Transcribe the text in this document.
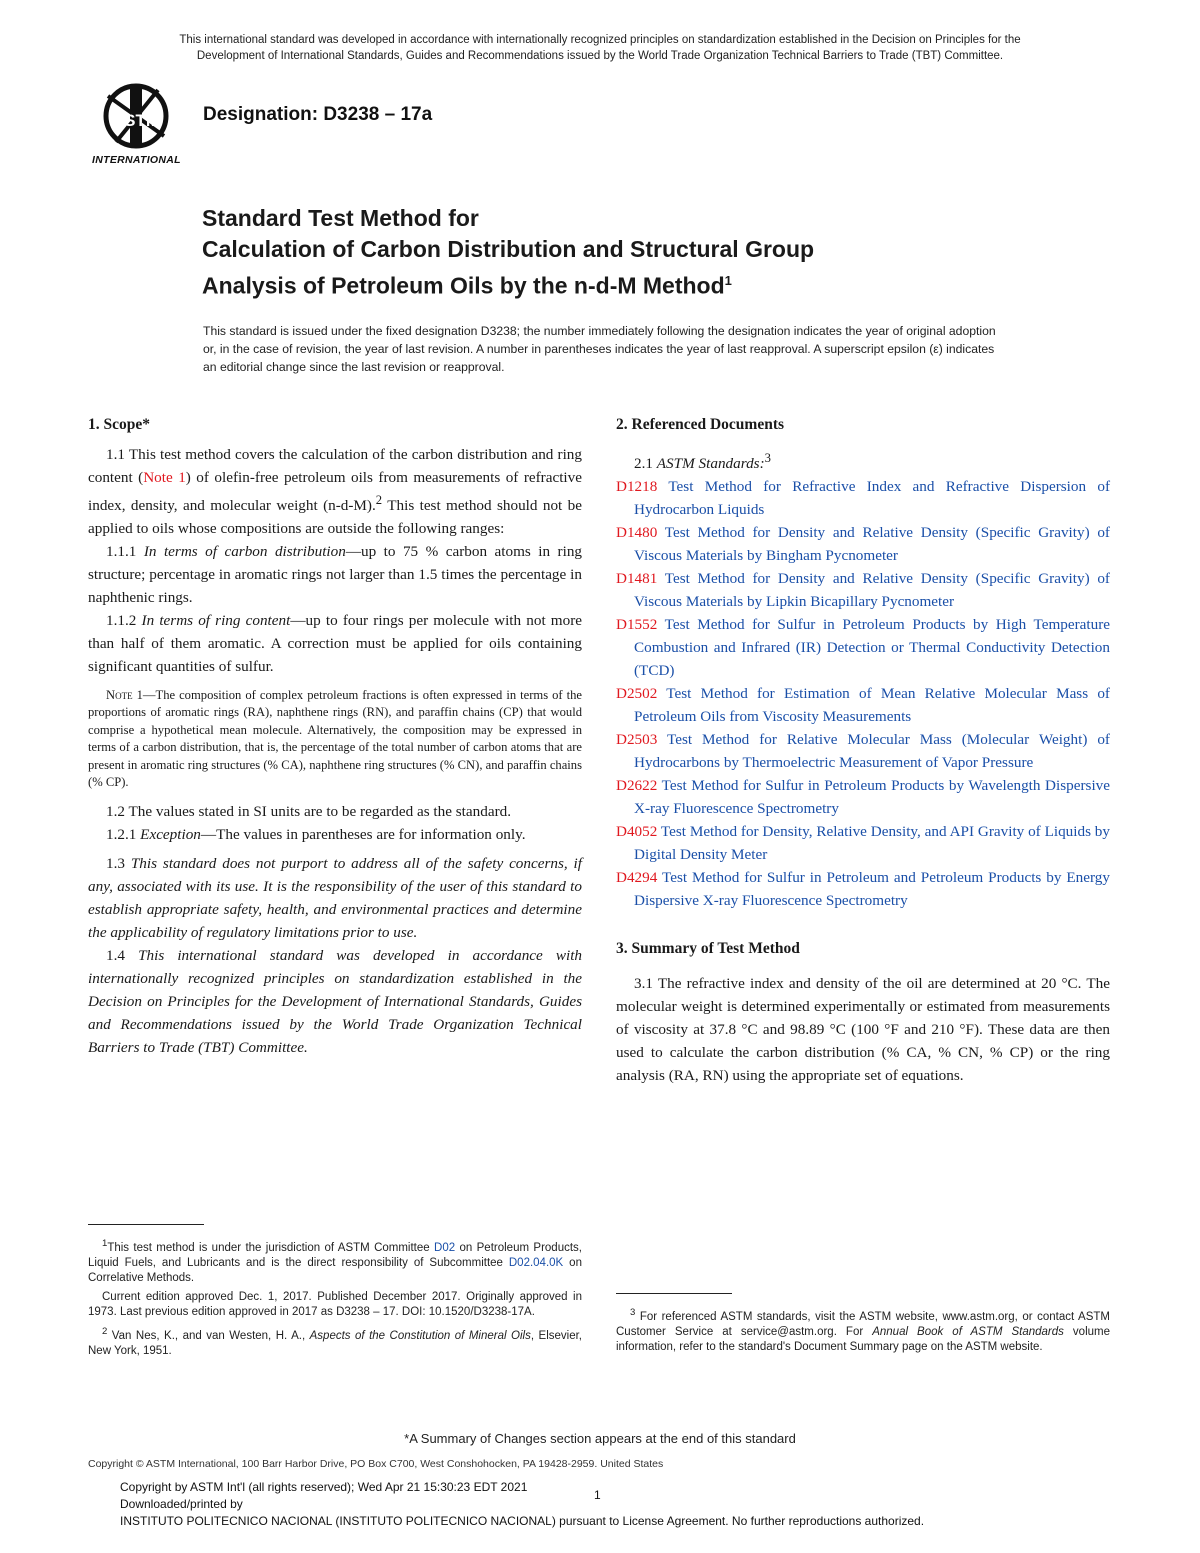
This international standard was developed in accordance with internationally recognized principles on standardization established in the Decision on Principles for the
Development of International Standards, Guides and Recommendations issued by the World Trade Organization Technical Barriers to Trade (TBT) Committee.
ASTM
INTERNATIONAL
Designation: D3238 – 17a
Standard Test Method for
Calculation of Carbon Distribution and Structural Group
Analysis of Petroleum Oils by the n-d-M Method$^1$
This standard is issued under the fixed designation D3238; the number immediately following the designation indicates the year of original adoption or, in the case of revision, the year of last revision. A number in parentheses indicates the year of last reapproval. A superscript epsilon (ε) indicates an editorial change since the last revision or reapproval.

1. Scope*

1.1 This test method covers the calculation of the carbon distribution and ring content (Note 1) of olefin-free petroleum oils from measurements of refractive index, density, and molecular weight (n-d-M).$^2$ This test method should not be applied to oils whose compositions are outside the following ranges:

1.1.1 In terms of carbon distribution—up to 75 % carbon atoms in ring structure; percentage in aromatic rings not larger than 1.5 times the percentage in naphthenic rings.

1.1.2 In terms of ring content—up to four rings per molecule with not more than half of them aromatic. A correction must be applied for oils containing significant quantities of sulfur.

Note 1—The composition of complex petroleum fractions is often expressed in terms of the proportions of aromatic rings (RA), naphthene rings (RN), and paraffin chains (CP) that would comprise a hypothetical mean molecule. Alternatively, the composition may be expressed in terms of a carbon distribution, that is, the percentage of the total number of carbon atoms that are present in aromatic ring structures (% CA), naphthene ring structures (% CN), and paraffin chains (% CP).

1.2 The values stated in SI units are to be regarded as the standard.

1.2.1 Exception—The values in parentheses are for information only.

1.3 This standard does not purport to address all of the safety concerns, if any, associated with its use. It is the responsibility of the user of this standard to establish appropriate safety, health, and environmental practices and determine the applicability of regulatory limitations prior to use.

1.4 This international standard was developed in accordance with internationally recognized principles on standardization established in the Decision on Principles for the Development of International Standards, Guides and Recommendations issued by the World Trade Organization Technical Barriers to Trade (TBT) Committee.

$^1$This test method is under the jurisdiction of ASTM Committee D02 on Petroleum Products, Liquid Fuels, and Lubricants and is the direct responsibility of Subcommittee D02.04.0K on Correlative Methods.
Current edition approved Dec. 1, 2017. Published December 2017. Originally approved in 1973. Last previous edition approved in 2017 as D3238 – 17. DOI: 10.1520/D3238-17A.
$^2$ Van Nes, K., and van Westen, H. A., Aspects of the Constitution of Mineral Oils, Elsevier, New York, 1951.

2. Referenced Documents

2.1 ASTM Standards:$^3$

D1218 Test Method for Refractive Index and Refractive Dispersion of Hydrocarbon Liquids
D1480 Test Method for Density and Relative Density (Specific Gravity) of Viscous Materials by Bingham Pycnometer
D1481 Test Method for Density and Relative Density (Specific Gravity) of Viscous Materials by Lipkin Bicapillary Pycnometer
D1552 Test Method for Sulfur in Petroleum Products by High Temperature Combustion and Infrared (IR) Detection or Thermal Conductivity Detection (TCD)
D2502 Test Method for Estimation of Mean Relative Molecular Mass of Petroleum Oils from Viscosity Measurements
D2503 Test Method for Relative Molecular Mass (Molecular Weight) of Hydrocarbons by Thermoelectric Measurement of Vapor Pressure
D2622 Test Method for Sulfur in Petroleum Products by Wavelength Dispersive X-ray Fluorescence Spectrometry
D4052 Test Method for Density, Relative Density, and API Gravity of Liquids by Digital Density Meter
D4294 Test Method for Sulfur in Petroleum and Petroleum Products by Energy Dispersive X-ray Fluorescence Spectrometry

3. Summary of Test Method

3.1 The refractive index and density of the oil are determined at 20 °C. The molecular weight is determined experimentally or estimated from measurements of viscosity at 37.8 °C and 98.89 °C (100 °F and 210 °F). These data are then used to calculate the carbon distribution (% CA, % CN, % CP) or the ring analysis (RA, RN) using the appropriate set of equations.

$^3$ For referenced ASTM standards, visit the ASTM website, www.astm.org, or contact ASTM Customer Service at service@astm.org. For Annual Book of ASTM Standards volume information, refer to the standard's Document Summary page on the ASTM website.
*A Summary of Changes section appears at the end of this standard
Copyright © ASTM International, 100 Barr Harbor Drive, PO Box C700, West Conshohocken, PA 19428-2959. United States
Copyright by ASTM Int'l (all rights reserved); Wed Apr 21 15:30:23 EDT 2021
Downloaded/printed by
INSTITUTO POLITECNICO NACIONAL (INSTITUTO POLITECNICO NACIONAL) pursuant to License Agreement. No further reproductions authorized.
1
